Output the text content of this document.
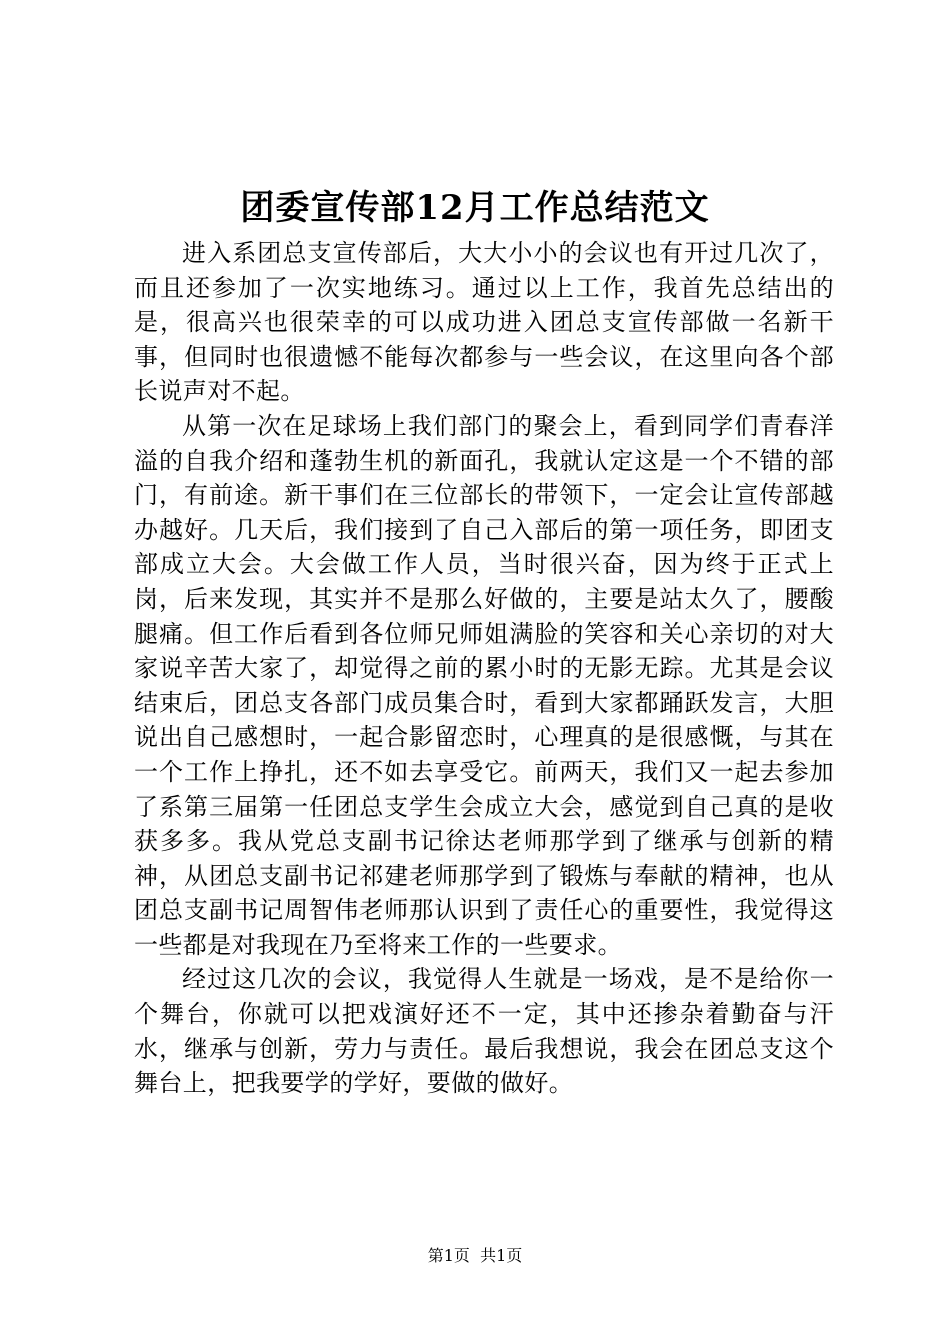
团委宣传部12月工作总结范文

进入系团总支宣传部后，大大小小的会议也有开过几次了，而且还参加了一次实地练习。通过以上工作，我首先总结出的是，很高兴也很荣幸的可以成功进入团总支宣传部做一名新干事，但同时也很遗憾不能每次都参与一些会议，在这里向各个部长说声对不起。

从第一次在足球场上我们部门的聚会上，看到同学们青春洋溢的自我介绍和蓬勃生机的新面孔，我就认定这是一个不错的部门，有前途。新干事们在三位部长的带领下，一定会让宣传部越办越好。几天后，我们接到了自己入部后的第一项任务，即团支部成立大会。大会做工作人员，当时很兴奋，因为终于正式上岗，后来发现，其实并不是那么好做的，主要是站太久了，腰酸腿痛。但工作后看到各位师兄师姐满脸的笑容和关心亲切的对大家说辛苦大家了，却觉得之前的累小时的无影无踪。尤其是会议结束后，团总支各部门成员集合时，看到大家都踊跃发言，大胆说出自己感想时，一起合影留恋时，心理真的是很感慨，与其在一个工作上挣扎，还不如去享受它。前两天，我们又一起去参加了系第三届第一任团总支学生会成立大会，感觉到自己真的是收获多多。我从党总支副书记徐达老师那学到了继承与创新的精神，从团总支副书记祁建老师那学到了锻炼与奉献的精神，也从团总支副书记周智伟老师那认识到了责任心的重要性，我觉得这一些都是对我现在乃至将来工作的一些要求。

经过这几次的会议，我觉得人生就是一场戏，是不是给你一个舞台，你就可以把戏演好还不一定，其中还掺杂着勤奋与汗水，继承与创新，劳力与责任。最后我想说，我会在团总支这个舞台上，把我要学的学好，要做的做好。

第1页 共1页
